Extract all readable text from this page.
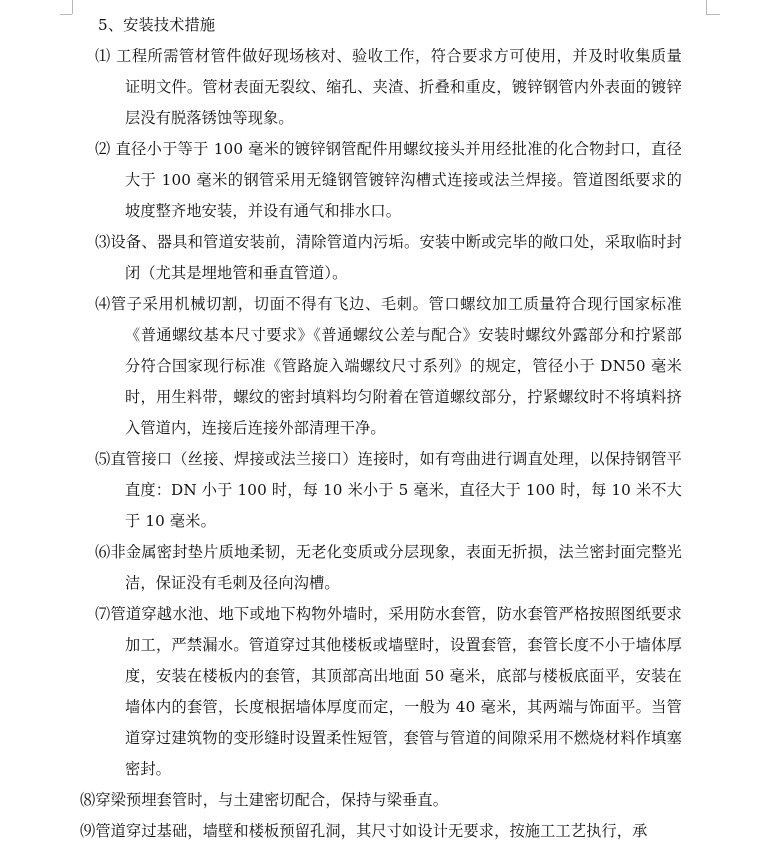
5、安装技术措施
⑴ 工程所需管材管件做好现场核对、验收工作，符合要求方可使用，并及时收集质量证明文件。管材表面无裂纹、缩孔、夹渣、折叠和重皮，镀锌钢管内外表面的镀锌层没有脱落锈蚀等现象。
⑵ 直径小于等于 100 毫米的镀锌钢管配件用螺纹接头并用经批准的化合物封口，直径大于 100 毫米的钢管采用无缝钢管镀锌沟槽式连接或法兰焊接。管道图纸要求的坡度整齐地安装，并设有通气和排水口。
⑶设备、器具和管道安装前，清除管道内污垢。安装中断或完毕的敞口处，采取临时封闭（尤其是埋地管和垂直管道）。
⑷管子采用机械切割，切面不得有飞边、毛刺。管口螺纹加工质量符合现行国家标准《普通螺纹基本尺寸要求》《普通螺纹公差与配合》安装时螺纹外露部分和拧紧部分符合国家现行标准《管路旋入端螺纹尺寸系列》的规定，管径小于 DN50 毫米时，用生料带，螺纹的密封填料均匀附着在管道螺纹部分，拧紧螺纹时不将填料挤入管道内，连接后连接外部清理干净。
⑸直管接口（丝接、焊接或法兰接口）连接时，如有弯曲进行调直处理，以保持钢管平直度：DN 小于 100 时，每 10 米小于 5 毫米，直径大于 100 时，每 10 米不大于 10 毫米。
⑹非金属密封垫片质地柔韧，无老化变质或分层现象，表面无折损，法兰密封面完整光洁，保证没有毛刺及径向沟槽。
⑺管道穿越水池、地下或地下构物外墙时，采用防水套管，防水套管严格按照图纸要求加工，严禁漏水。管道穿过其他楼板或墙壁时，设置套管，套管长度不小于墙体厚度，安装在楼板内的套管，其顶部高出地面 50 毫米，底部与楼板底面平，安装在墙体内的套管，长度根据墙体厚度而定，一般为 40 毫米，其两端与饰面平。当管道穿过建筑物的变形缝时设置柔性短管，套管与管道的间隙采用不燃烧材料作填塞密封。
⑻穿梁预埋套管时，与土建密切配合，保持与梁垂直。
⑼管道穿过基础，墙壁和楼板预留孔洞，其尺寸如设计无要求，按施工工艺执行，承
